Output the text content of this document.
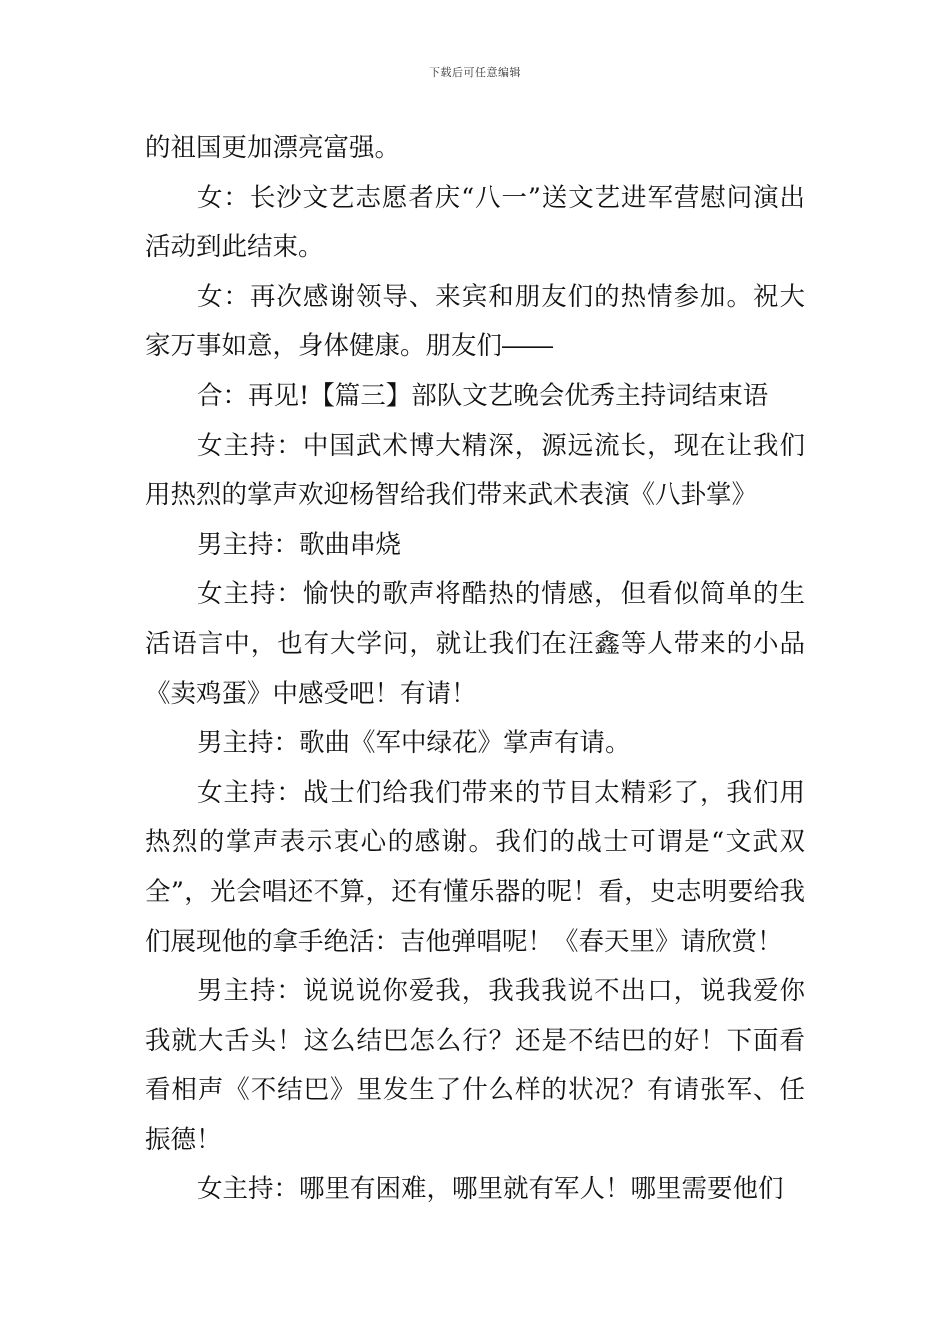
下载后可任意编辑

的祖国更加漂亮富强。

女：长沙文艺志愿者庆“八一”送文艺进军营慰问演出活动到此结束。

女：再次感谢领导、来宾和朋友们的热情参加。祝大家万事如意，身体健康。朋友们――

合：再见!【篇三】部队文艺晚会优秀主持词结束语

女主持：中国武术博大精深，源远流长，现在让我们用热烈的掌声欢迎杨智给我们带来武术表演《八卦掌》

男主持：歌曲串烧

女主持：愉快的歌声将酷热的情感，但看似简单的生活语言中，也有大学问，就让我们在汪鑫等人带来的小品《卖鸡蛋》中感受吧！有请！

男主持：歌曲《军中绿花》掌声有请。

女主持：战士们给我们带来的节目太精彩了，我们用热烈的掌声表示衷心的感谢。我们的战士可谓是“文武双全”，光会唱还不算，还有懂乐器的呢！看，史志明要给我们展现他的拿手绝活：吉他弹唱呢！《春天里》请欣赏！

男主持：说说说你爱我，我我我说不出口，说我爱你我就大舌头！这么结巴怎么行？还是不结巴的好！下面看看相声《不结巴》里发生了什么样的状况？有请张军、任振德！

女主持：哪里有困难，哪里就有军人！哪里需要他们
